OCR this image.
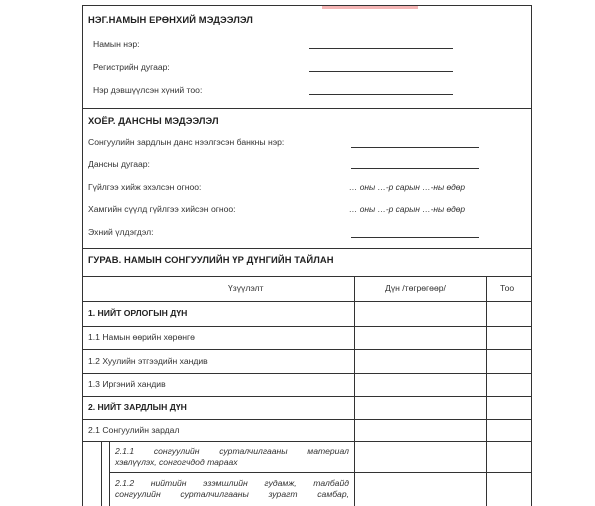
НЭГ.НАМЫН ЕРӨНХИЙ МЭДЭЭЛЭЛ
Намын нэр:
Регистрийн дугаар:
Нэр дэвшүүлсэн хүний тоо:
ХОЁР. ДАНСНЫ МЭДЭЭЛЭЛ
Сонгуулийн зардлын данс нээлгэсэн банкны нэр:
Дансны дугаар:
Гүйлгээ хийж эхэлсэн огноо:	… оны …-р сарын …-ны өдөр
Хамгийн сүүлд гүйлгээ хийсэн огноо:	… оны …-р сарын …-ны өдөр
Эхний үлдэгдэл:
ГУРАВ. НАМЫН СОНГУУЛИЙН ҮР ДҮНГИЙН ТАЙЛАН
Үзүүлэлт	Дүн /төгрөгөөр/	Тоо
1. НИЙТ ОРЛОГЫН ДҮН
1.1 Намын өөрийн хөрөнгө
1.2 Хуулийн этгээдийн хандив
1.3 Иргэний хандив
2. НИЙТ ЗАРДЛЫН ДҮН
2.1 Сонгуулийн зардал
2.1.1 сонгуулийн сурталчилгааны материал
хэвлүүлэх, сонгогчдод тараах
2.1.2 нийтийн эзэмшлийн гудамж, талбайд
сонгуулийн сурталчилгааны зурагт самбар,
